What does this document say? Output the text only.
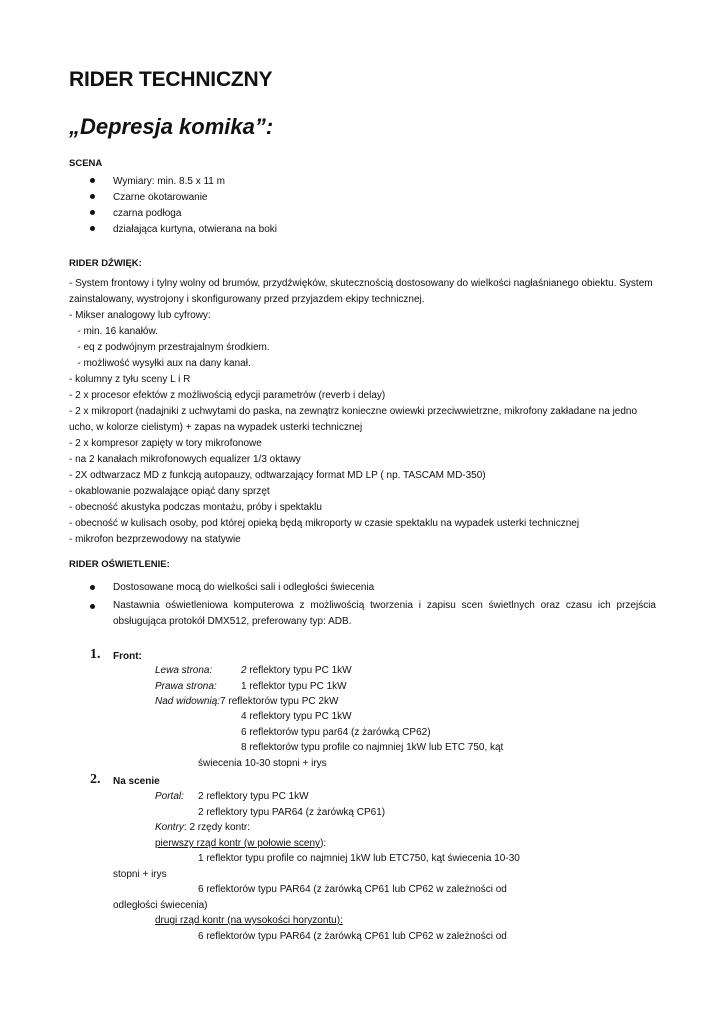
RIDER TECHNICZNY
„Depresja komika”:
SCENA
Wymiary: min. 8.5 x 11 m
Czarne okotarowanie
czarna podłoga
działająca kurtyna, otwierana na boki
RIDER DŹWIĘK:
- System frontowy i tylny wolny od brumów, przydźwięków, skutecznością dostosowany do wielkości nagłaśnianego obiektu. System
zainstalowany, wystrojony i skonfigurowany przed przyjazdem ekipy technicznej.
- Mikser analogowy lub cyfrowy:
- min. 16 kanałów.
- eq z podwójnym przestrajalnym środkiem.
- możliwość wysyłki aux na dany kanał.
- kolumny z tyłu sceny L i R
- 2 x procesor efektów z możliwością edycji parametrów (reverb i delay)
- 2 x mikroport (nadajniki z uchwytami do paska, na zewnątrz konieczne owiewki przeciwwietrzne, mikrofony zakładane na jedno
ucho, w kolorze cielistym) + zapas na wypadek usterki technicznej
- 2 x kompresor zapięty w tory mikrofonowe
- na 2 kanałach mikrofonowych equalizer 1/3 oktawy
- 2X odtwarzacz MD z funkcją autopauzy, odtwarzający format MD LP ( np. TASCAM MD-350)
- okablowanie pozwalające opiąć dany sprzęt
- obecność akustyka podczas montażu, próby i spektaklu
- obecność w kulisach osoby, pod której opieką będą mikroporty w czasie spektaklu na wypadek usterki technicznej
- mikrofon bezprzewodowy na statywie
RIDER OŚWIETLENIE:
Dostosowane mocą do wielkości sali i odległości świecenia
Nastawnia oświetleniowa komputerowa z możliwością tworzenia i zapisu scen świetlnych oraz czasu ich przejścia obsługująca protokół DMX512, preferowany typ: ADB.
1. Front:
Lewa strona:	2 reflektory typu PC 1kW
Prawa strona: 1 reflektor typu PC 1kW
Nad widownią:7 reflektorów typu PC 2kW
4 reflektory typu PC 1kW
6 reflektorów typu par64 (z żarówką CP62)
8 reflektorów typu profile co najmniej 1kW lub ETC 750, kąt
świecenia 10-30 stopni + irys
2. Na scenie
Portal: 2 reflektory typu PC 1kW
2 reflektory typu PAR64 (z żarówką CP61)
Kontry: 2 rzędy kontr:
pierwszy rząd kontr (w połowie sceny):
1 reflektor typu profile co najmniej 1kW lub ETC750, kąt świecenia 10-30
stopni + irys
6 reflektorów typu PAR64 (z żarówką CP61 lub CP62 w zależności od
odległości świecenia)
drugi rząd kontr (na wysokości horyzontu):
6 reflektorów typu PAR64 (z żarówką CP61 lub CP62 w zależności od
